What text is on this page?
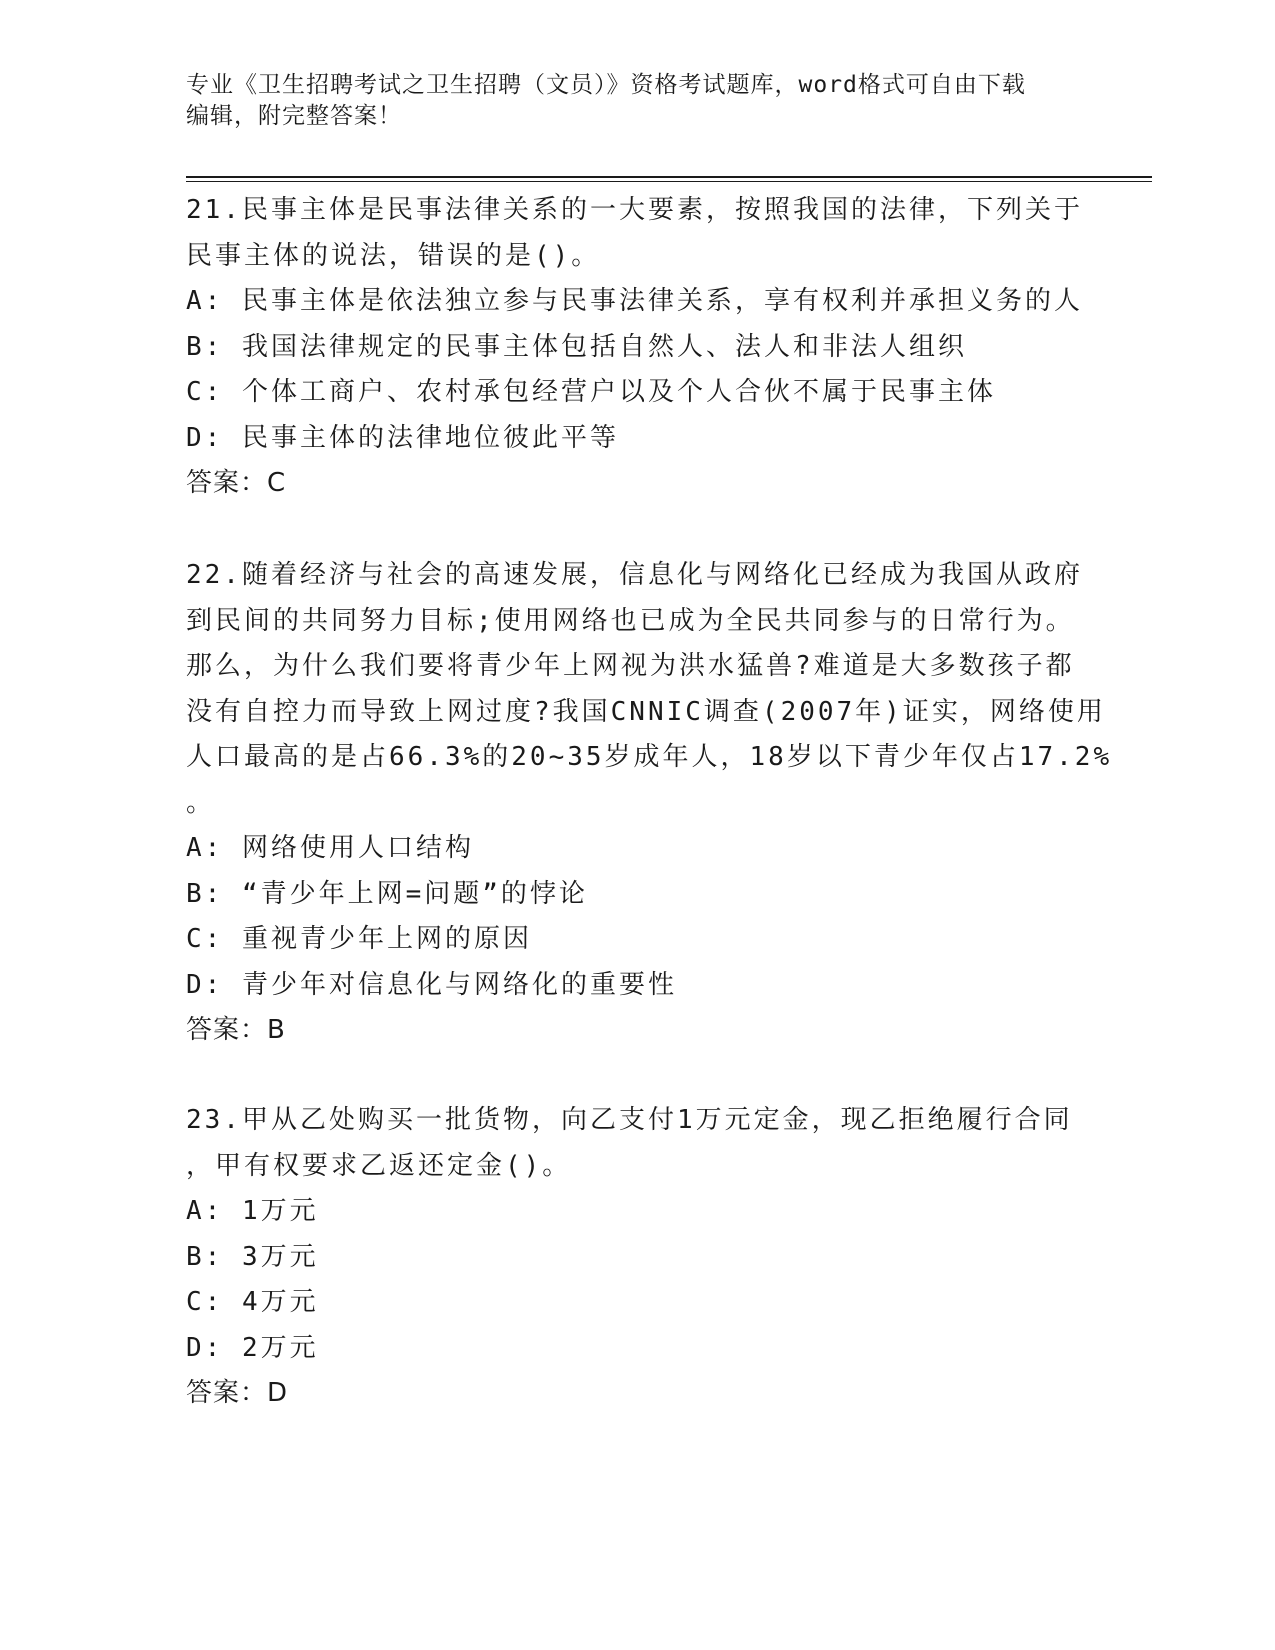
专业《卫生招聘考试之卫生招聘（文员）》资格考试题库，word格式可自由下载
编辑，附完整答案！
21.民事主体是民事法律关系的一大要素，按照我国的法律，下列关于
民事主体的说法，错误的是()。
A: 民事主体是依法独立参与民事法律关系，享有权利并承担义务的人
B: 我国法律规定的民事主体包括自然人、法人和非法人组织
C: 个体工商户、农村承包经营户以及个人合伙不属于民事主体
D: 民事主体的法律地位彼此平等
答案：C
22.随着经济与社会的高速发展，信息化与网络化已经成为我国从政府
到民间的共同努力目标;使用网络也已成为全民共同参与的日常行为。
那么，为什么我们要将青少年上网视为洪水猛兽?难道是大多数孩子都
没有自控力而导致上网过度?我国CNNIC调查(2007年)证实，网络使用
人口最高的是占66.3%的20~35岁成年人，18岁以下青少年仅占17.2%
。
A: 网络使用人口结构
B: “青少年上网=问题”的悖论
C: 重视青少年上网的原因
D: 青少年对信息化与网络化的重要性
答案：B
23.甲从乙处购买一批货物，向乙支付1万元定金，现乙拒绝履行合同
，甲有权要求乙返还定金()。
A: 1万元
B: 3万元
C: 4万元
D: 2万元
答案：D
